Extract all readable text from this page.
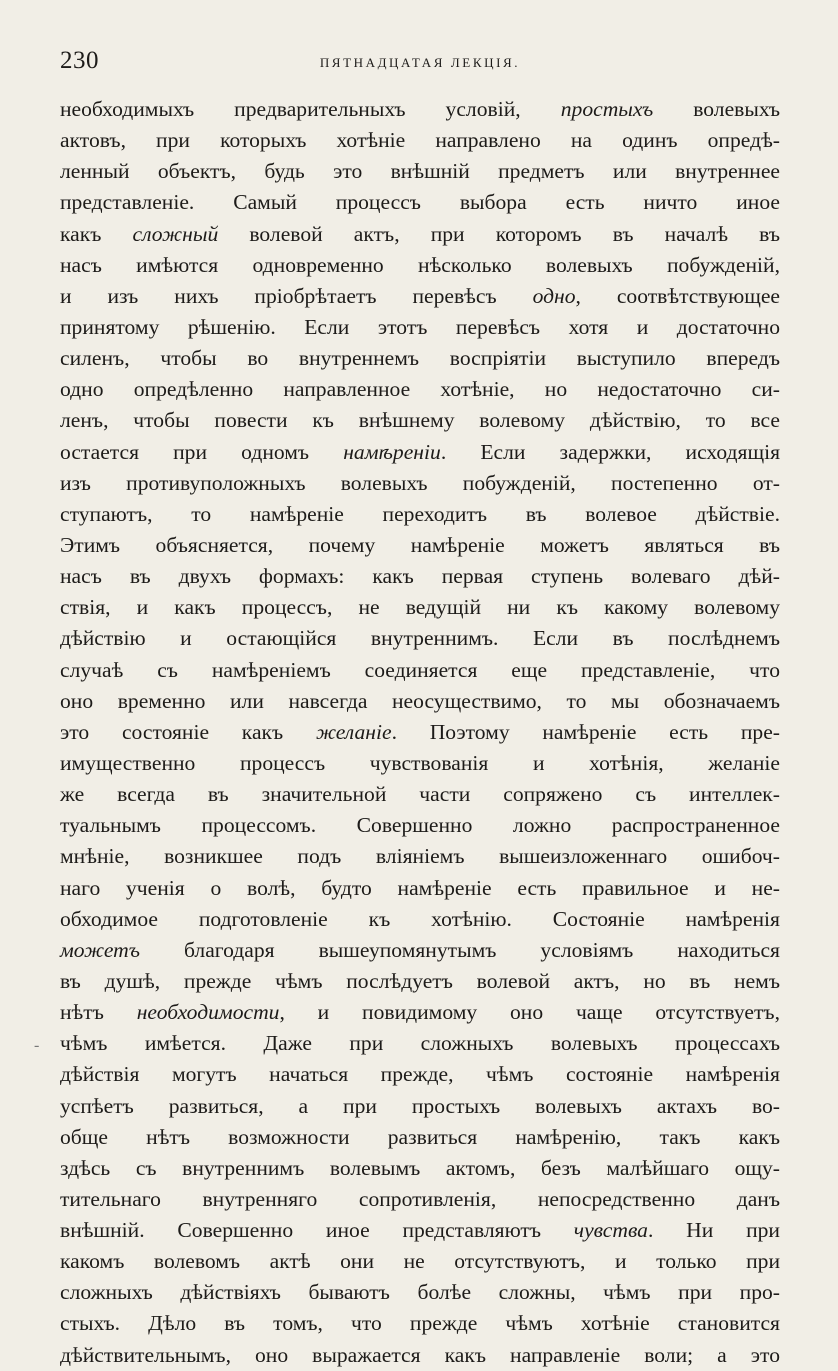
230	ПЯТНАДЦАТАЯ ЛЕКЦІЯ.
-
необходимыхъ предварительныхъ условій, простыхъ волевыхъ
актовъ, при которыхъ хотѣніе направлено на одинъ опредѣ-
ленный объектъ, будь это внѣшній предметъ или внутреннее
представленіе. Самый процессъ выбора есть ничто иное
какъ сложный волевой актъ, при которомъ въ началѣ въ
насъ имѣются одновременно нѣсколько волевыхъ побужденій,
и изъ нихъ пріобрѣтаетъ перевѣсъ одно, соотвѣтствующее
принятому рѣшенію. Если этотъ перевѣсъ хотя и достаточно
силенъ, чтобы во внутреннемъ воспріятіи выступило впередъ
одно опредѣленно направленное хотѣніе, но недостаточно си-
ленъ, чтобы повести къ внѣшнему волевому дѣйствію, то все
остается при одномъ намѣреніи. Если задержки, исходящія
изъ противуположныхъ волевыхъ побужденій, постепенно от-
ступаютъ, то намѣреніе переходитъ въ волевое дѣйствіе.
Этимъ объясняется, почему намѣреніе можетъ являться въ
насъ въ двухъ формахъ: какъ первая ступень волеваго дѣй-
ствія, и какъ процессъ, не ведущій ни къ какому волевому
дѣйствію и остающійся внутреннимъ. Если въ послѣднемъ
случаѣ съ намѣреніемъ соединяется еще представленіе, что
оно временно или навсегда неосуществимо, то мы обозначаемъ
это состояніе какъ желаніе. Поэтому намѣреніе есть пре-
имущественно процессъ чувствованія и хотѣнія, желаніе
же всегда въ значительной части сопряжено съ интеллек-
туальнымъ процессомъ. Совершенно ложно распространенное
мнѣніе, возникшее подъ вліяніемъ вышеизложеннаго ошибоч-
наго ученія о волѣ, будто намѣреніе есть правильное и не-
обходимое подготовленіе къ хотѣнію. Состояніе намѣренія
можетъ благодаря вышеупомянутымъ условіямъ находиться
въ душѣ, прежде чѣмъ послѣдуетъ волевой актъ, но въ немъ
нѣтъ необходимости, и повидимому оно чаще отсутствуетъ,
чѣмъ имѣется. Даже при сложныхъ волевыхъ процессахъ
дѣйствія могутъ начаться прежде, чѣмъ состояніе намѣренія
успѣетъ развиться, а при простыхъ волевыхъ актахъ во-
обще нѣтъ возможности развиться намѣренію, такъ какъ
здѣсь съ внутреннимъ волевымъ актомъ, безъ малѣйшаго ощу-
тительнаго внутренняго сопротивленія, непосредственно данъ
внѣшній. Совершенно иное представляютъ чувства. Ни при
какомъ волевомъ актѣ они не отсутствуютъ, и только при
сложныхъ дѣйствіяхъ бываютъ болѣе сложны, чѣмъ при про-
стыхъ. Дѣло въ томъ, что прежде чѣмъ хотѣніе становится
дѣйствительнымъ, оно выражается какъ направленіе воли; а это
